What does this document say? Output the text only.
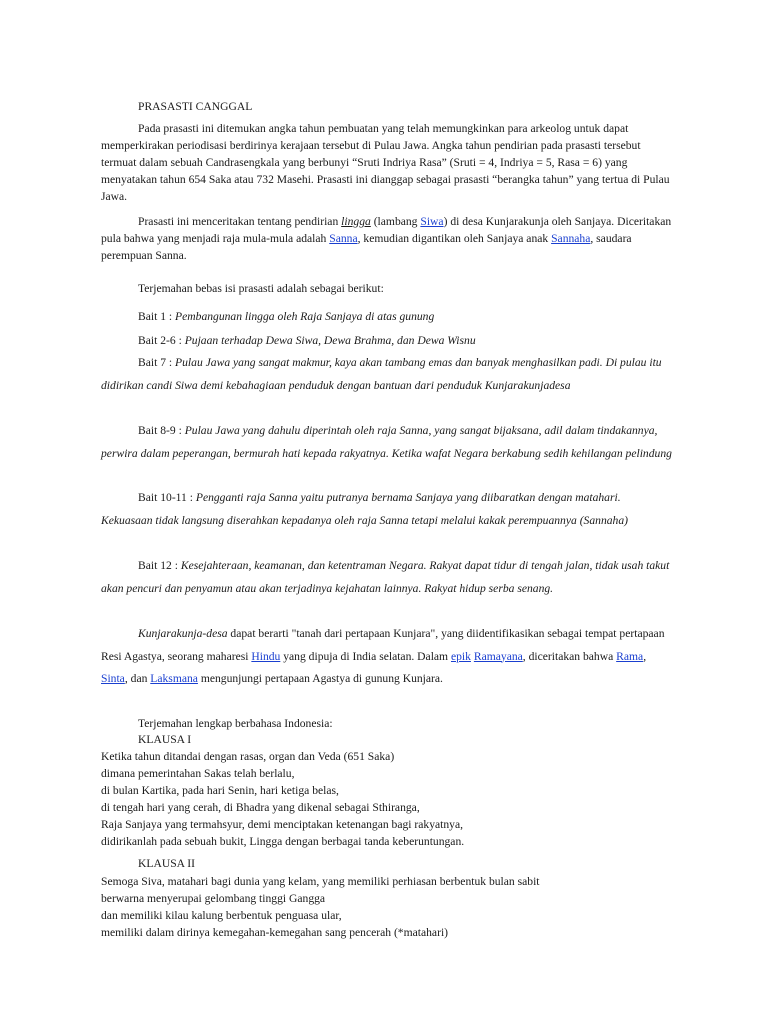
PRASASTI CANGGAL
Pada prasasti ini ditemukan angka tahun pembuatan yang telah memungkinkan para arkeolog untuk dapat memperkirakan periodisasi berdirinya kerajaan tersebut di Pulau Jawa. Angka tahun pendirian pada prasasti tersebut termuat dalam sebuah Candrasengkala yang berbunyi “Sruti Indriya Rasa” (Sruti = 4, Indriya = 5, Rasa = 6) yang menyatakan tahun 654 Saka atau 732 Masehi. Prasasti ini dianggap sebagai prasasti “berangka tahun” yang tertua di Pulau Jawa.
Prasasti ini menceritakan tentang pendirian lingga (lambang Siwa) di desa Kunjarakunja oleh Sanjaya. Diceritakan pula bahwa yang menjadi raja mula-mula adalah Sanna, kemudian digantikan oleh Sanjaya anak Sannaha, saudara perempuan Sanna.
Terjemahan bebas isi prasasti adalah sebagai berikut:
Bait 1 : Pembangunan lingga oleh Raja Sanjaya di atas gunung
Bait 2-6 : Pujaan terhadap Dewa Siwa, Dewa Brahma, dan Dewa Wisnu
Bait 7 : Pulau Jawa yang sangat makmur, kaya akan tambang emas dan banyak menghasilkan padi. Di pulau itu didirikan candi Siwa demi kebahagiaan penduduk dengan bantuan dari penduduk Kunjarakunjadesa
Bait 8-9 : Pulau Jawa yang dahulu diperintah oleh raja Sanna, yang sangat bijaksana, adil dalam tindakannya, perwira dalam peperangan, bermurah hati kepada rakyatnya. Ketika wafat Negara berkabung sedih kehilangan pelindung
Bait 10-11 : Pengganti raja Sanna yaitu putranya bernama Sanjaya yang diibaratkan dengan matahari. Kekuasaan tidak langsung diserahkan kepadanya oleh raja Sanna tetapi melalui kakak perempuannya (Sannaha)
Bait 12 : Kesejahteraan, keamanan, dan ketentraman Negara. Rakyat dapat tidur di tengah jalan, tidak usah takut akan pencuri dan penyamun atau akan terjadinya kejahatan lainnya. Rakyat hidup serba senang.
Kunjarakunja-desa dapat berarti "tanah dari pertapaan Kunjara", yang diidentifikasikan sebagai tempat pertapaan Resi Agastya, seorang maharesi Hindu yang dipuja di India selatan. Dalam epik Ramayana, diceritakan bahwa Rama, Sinta, dan Laksmana mengunjungi pertapaan Agastya di gunung Kunjara.
Terjemahan lengkap berbahasa Indonesia:
KLAUSA I
Ketika tahun ditandai dengan rasas, organ dan Veda (651 Saka)
dimana pemerintahan Sakas telah berlalu,
di bulan Kartika, pada hari Senin, hari ketiga belas,
di tengah hari yang cerah, di Bhadra yang dikenal sebagai Sthiranga,
Raja Sanjaya yang termahsyur, demi menciptakan ketenangan bagi rakyatnya,
didirikanlah pada sebuah bukit, Lingga dengan berbagai tanda keberuntungan.
KLAUSA II
Semoga Siva, matahari bagi dunia yang kelam, yang memiliki perhiasan berbentuk bulan sabit
berwarna menyerupai gelombang tinggi Gangga
dan memiliki kilau kalung berbentuk penguasa ular,
memiliki dalam dirinya kemegahan-kemegahan sang pencerah (*matahari)
